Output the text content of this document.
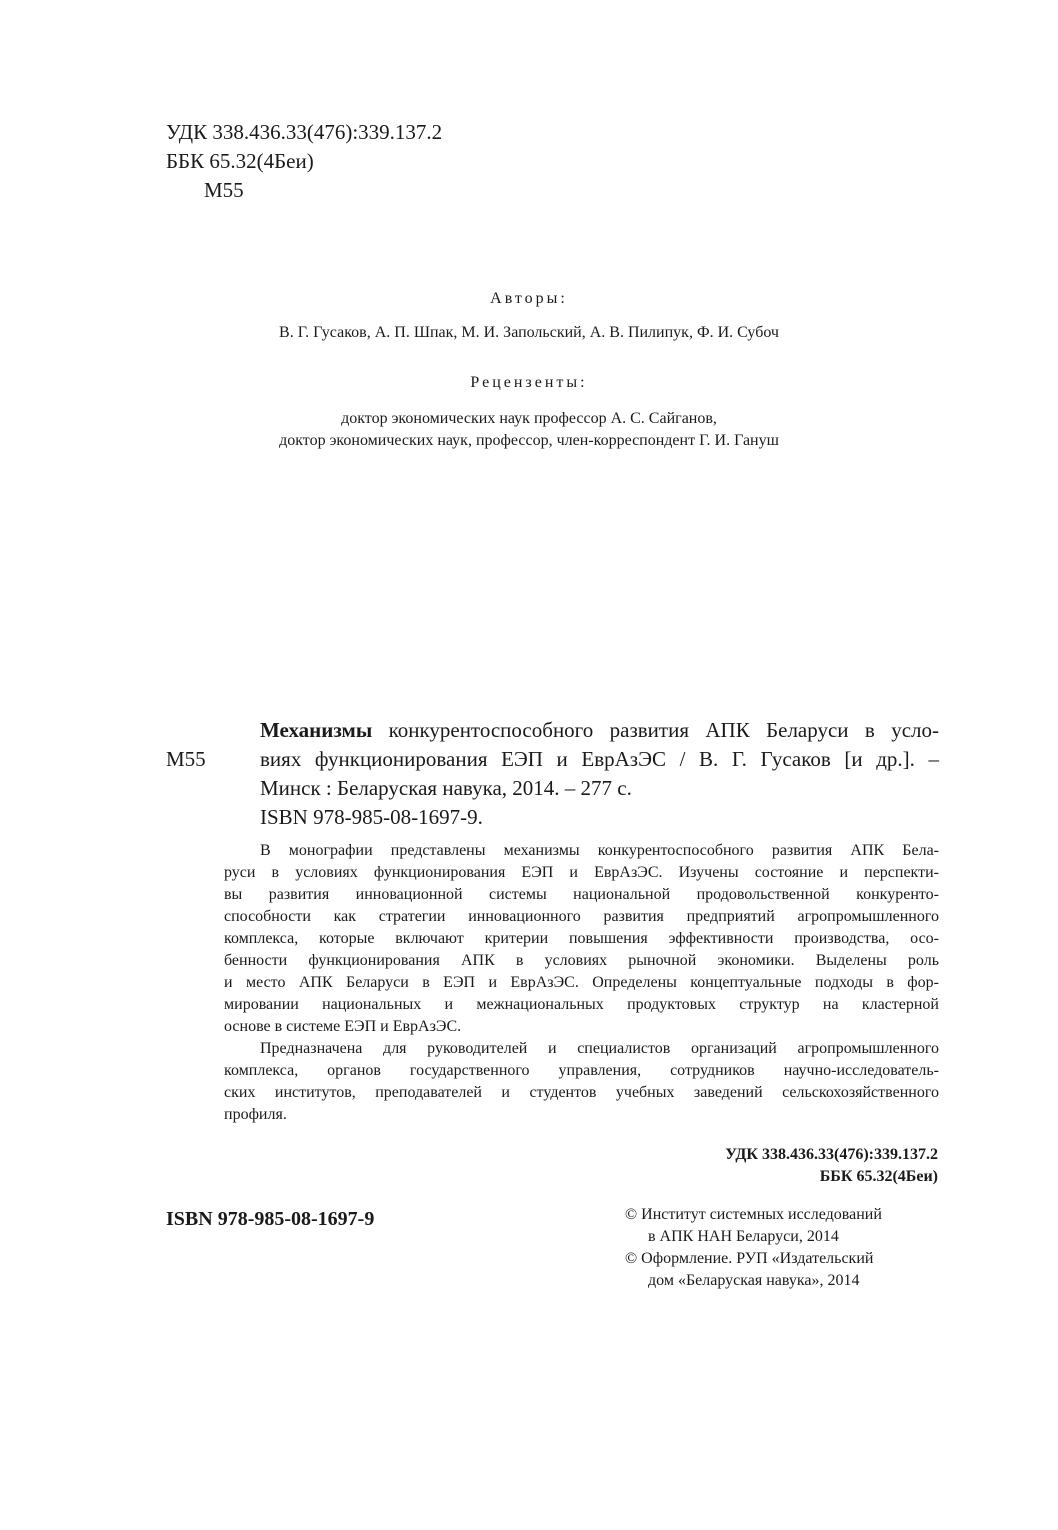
УДК 338.436.33(476):339.137.2
ББК 65.32(4Беи)
М55
Авторы:
В. Г. Гусаков, А. П. Шпак, М. И. Запольский, А. В. Пилипук, Ф. И. Субоч
Рецензенты:
доктор экономических наук профессор А. С. Сайганов,
доктор экономических наук, профессор, член-корреспондент Г. И. Гануш
М55
Механизмы конкурентоспособного развития АПК Беларуси в усло-
виях функционирования ЕЭП и ЕврАзЭС / В. Г. Гусаков [и др.]. –
Минск : Беларуская навука, 2014. – 277 с.
ISBN 978-985-08-1697-9.
В монографии представлены механизмы конкурентоспособного развития АПК Бела-
руси в условиях функционирования ЕЭП и ЕврАзЭС. Изучены состояние и перспекти-
вы развития инновационной системы национальной продовольственной конкуренто-
способности как стратегии инновационного развития предприятий агропромышленного
комплекса, которые включают критерии повышения эффективности производства, осо-
бенности функционирования АПК в условиях рыночной экономики. Выделены роль
и место АПК Беларуси в ЕЭП и ЕврАзЭС. Определены концептуальные подходы в фор-
мировании национальных и межнациональных продуктовых структур на кластерной
основе в системе ЕЭП и ЕврАзЭС.
Предназначена для руководителей и специалистов организаций агропромышленного
комплекса, органов государственного управления, сотрудников научно-исследователь-
ских институтов, преподавателей и студентов учебных заведений сельскохозяйственного
профиля.
УДК 338.436.33(476):339.137.2
ББК 65.32(4Беи)
ISBN 978-985-08-1697-9	© Институт системных исследований
в АПК НАН Беларуси, 2014
© Оформление. РУП «Издательский
дом «Беларуская навука», 2014
